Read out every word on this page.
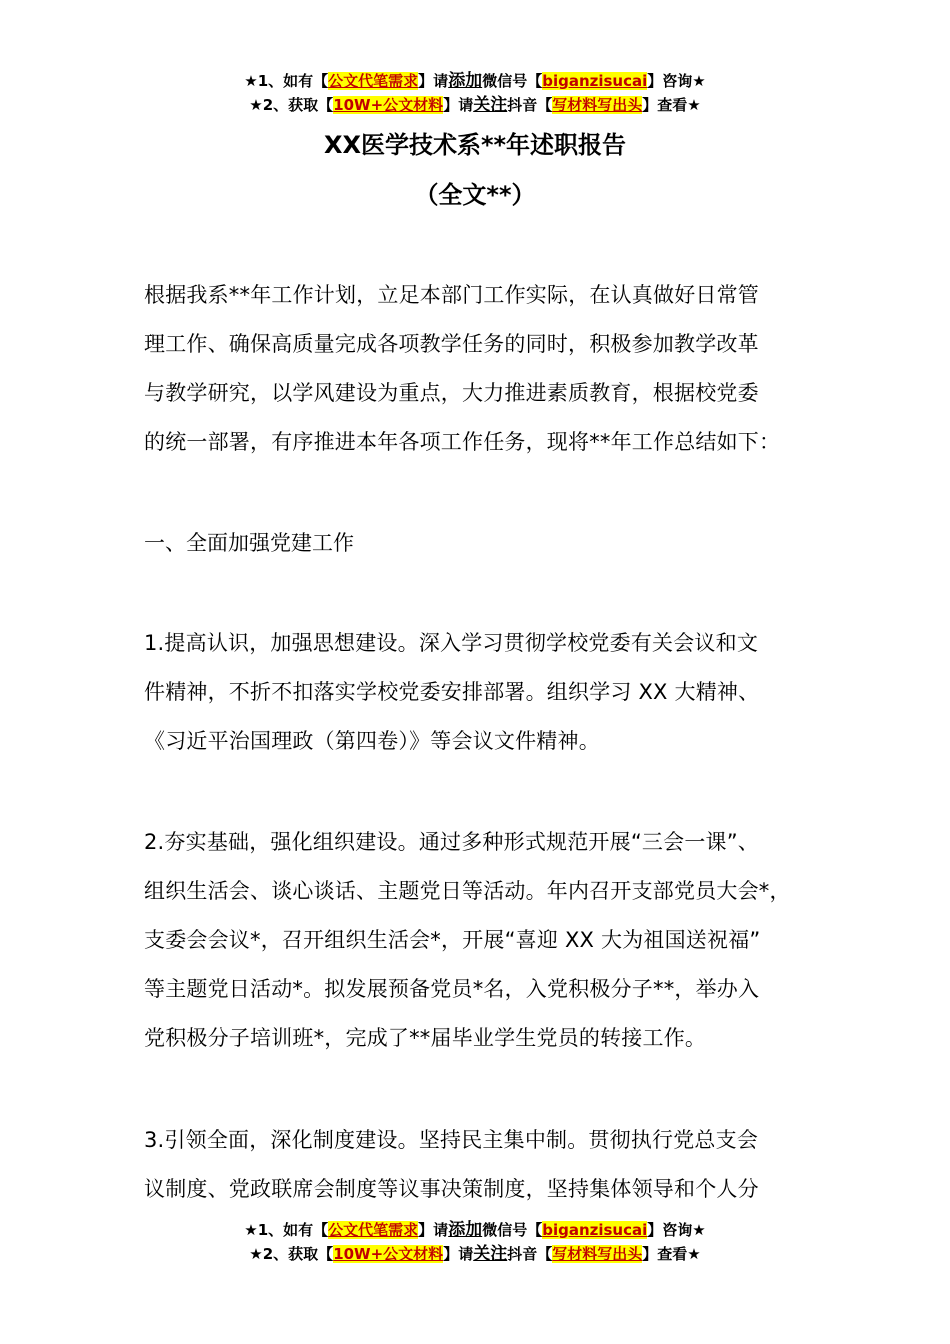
★1、如有【公文代笔需求】请添加微信号【biganzisucai】咨询★
★2、获取【10W+公文材料】请关注抖音【写材料写出头】查看★
XX医学技术系**年述职报告
（全文**）

根据我系**年工作计划，立足本部门工作实际，在认真做好日常管

理工作、确保高质量完成各项教学任务的同时，积极参加教学改革

与教学研究，以学风建设为重点，大力推进素质教育，根据校党委

的统一部署，有序推进本年各项工作任务，现将**年工作总结如下：

一、全面加强党建工作

1.提高认识，加强思想建设。深入学习贯彻学校党委有关会议和文

件精神，不折不扣落实学校党委安排部署。组织学习 XX 大精神、

《习近平治国理政（第四卷）》等会议文件精神。

2.夯实基础，强化组织建设。通过多种形式规范开展“三会一课”、

组织生活会、谈心谈话、主题党日等活动。年内召开支部党员大会*，

支委会会议*，召开组织生活会*，开展“喜迎 XX 大为祖国送祝福”

等主题党日活动*。拟发展预备党员*名，入党积极分子**，举办入

党积极分子培训班*，完成了**届毕业学生党员的转接工作。

3.引领全面，深化制度建设。坚持民主集中制。贯彻执行党总支会

议制度、党政联席会制度等议事决策制度，坚持集体领导和个人分

★1、如有【公文代笔需求】请添加微信号【biganzisucai】咨询★
★2、获取【10W+公文材料】请关注抖音【写材料写出头】查看★
